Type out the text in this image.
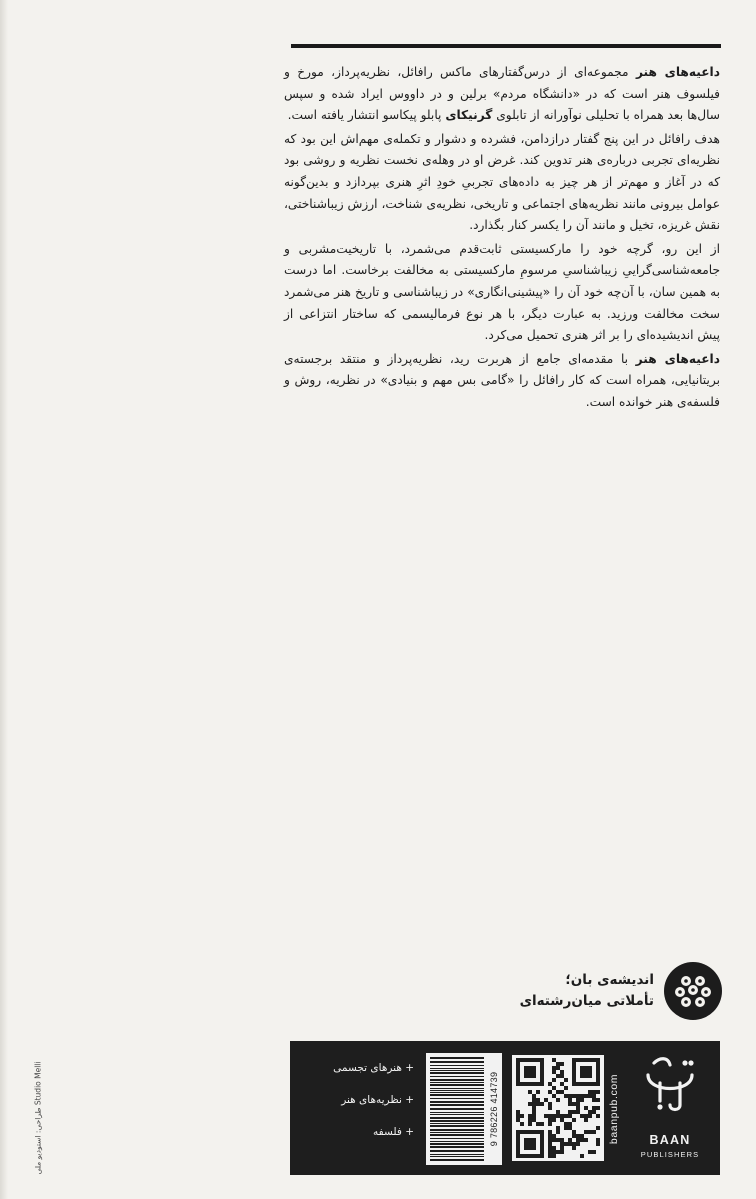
داعیه‌های هنر مجموعه‌ای از درس‌گفتارهای ماکس رافائل، نظریه‌پرداز، مورخ و فیلسوف هنر است که در «دانشگاه مردم» برلین و در داووس ایراد شده و سپس سال‌ها بعد همراه با تحلیلی نوآورانه از تابلوی گرنیکای پابلو پیکاسو انتشار یافته است.

هدف رافائل در این پنج گفتار درازدامن، فشرده و دشوار و تکمله‌ی مهم‌اش این بود که نظریه‌ای تجربی درباره‌ی هنر تدوین کند. غرض او در وهله‌ی نخست نظریه و روشی بود که در آغاز و مهم‌تر از هر چیز به داده‌های تجربیِ خودِ اثرِ هنری بپردازد و بدین‌گونه عوامل بیرونی مانند نظریه‌های اجتماعی و تاریخی، نظریه‌ی شناخت، ارزش زیباشناختی، نقش غریزه، تخیل و مانند آن را یکسر کنار بگذارد.

از این رو، گرچه خود را مارکسیستی ثابت‌قدم می‌شمرد، با تاریخیت‌مشربی و جامعه‌شناسی‌گراییِ زیباشناسیِ مرسومِ مارکسیستی به مخالفت برخاست. اما درست به همین سان، با آن‌چه خود آن را «پیشینی‌انگاری» در زیباشناسی و تاریخ هنر می‌شمرد سخت مخالفت ورزید. به عبارت دیگر، با هر نوع فرمالیسمی که ساختار انتزاعی از پیش اندیشیده‌ای را بر اثر هنری تحمیل می‌کرد.

داعیه‌های هنر با مقدمه‌ای جامع از هربرت رید، نظریه‌پرداز و منتقد برجسته‌ی بریتانیایی، همراه است که کار رافائل را «گامی بس مهم و بنیادی» در نظریه، روش و فلسفه‌ی هنر خوانده است.

اندیشه‌ی بان؛
تأملاتی میان‌رشته‌ای
BAAN
PUBLISHERS
baanpub.com
9 786226 414739
+ هنرهای تجسمی
+ نظریه‌های هنر
+ فلسفه
طراحی: استودیو ملی Studio Melli
